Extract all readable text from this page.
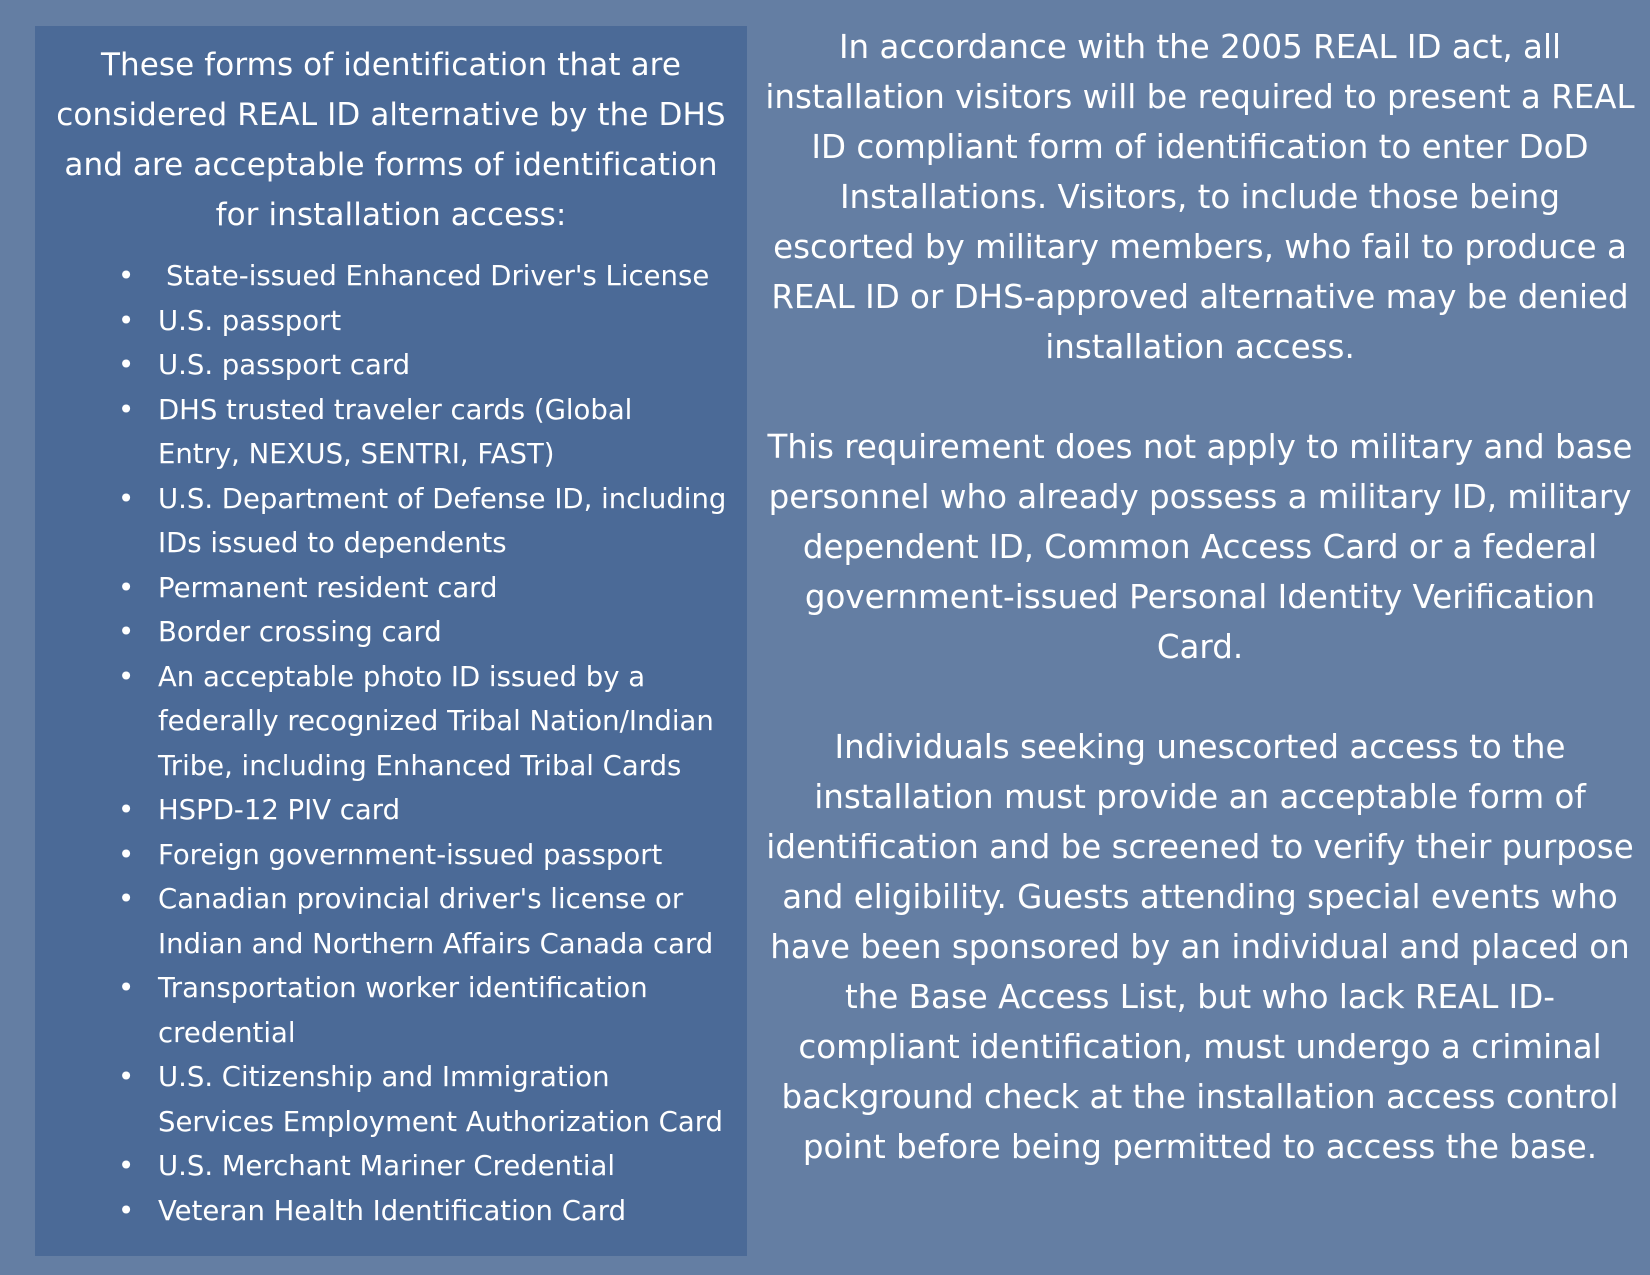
These forms of identification that are considered REAL ID alternative by the DHS and are acceptable forms of identification for installation access:

• State-issued Enhanced Driver's License
• U.S. passport
• U.S. passport card
• DHS trusted traveler cards (Global Entry, NEXUS, SENTRI, FAST)
• U.S. Department of Defense ID, including IDs issued to dependents
• Permanent resident card
• Border crossing card
• An acceptable photo ID issued by a federally recognized Tribal Nation/Indian Tribe, including Enhanced Tribal Cards
• HSPD-12 PIV card
• Foreign government-issued passport
• Canadian provincial driver's license or Indian and Northern Affairs Canada card
• Transportation worker identification credential
• U.S. Citizenship and Immigration Services Employment Authorization Card
• U.S. Merchant Mariner Credential
• Veteran Health Identification Card

In accordance with the 2005 REAL ID act, all installation visitors will be required to present a REAL ID compliant form of identification to enter DoD Installations. Visitors, to include those being escorted by military members, who fail to produce a REAL ID or DHS-approved alternative may be denied installation access.

This requirement does not apply to military and base personnel who already possess a military ID, military dependent ID, Common Access Card or a federal government-issued Personal Identity Verification Card.

Individuals seeking unescorted access to the installation must provide an acceptable form of identification and be screened to verify their purpose and eligibility. Guests attending special events who have been sponsored by an individual and placed on the Base Access List, but who lack REAL ID-compliant identification, must undergo a criminal background check at the installation access control point before being permitted to access the base.
